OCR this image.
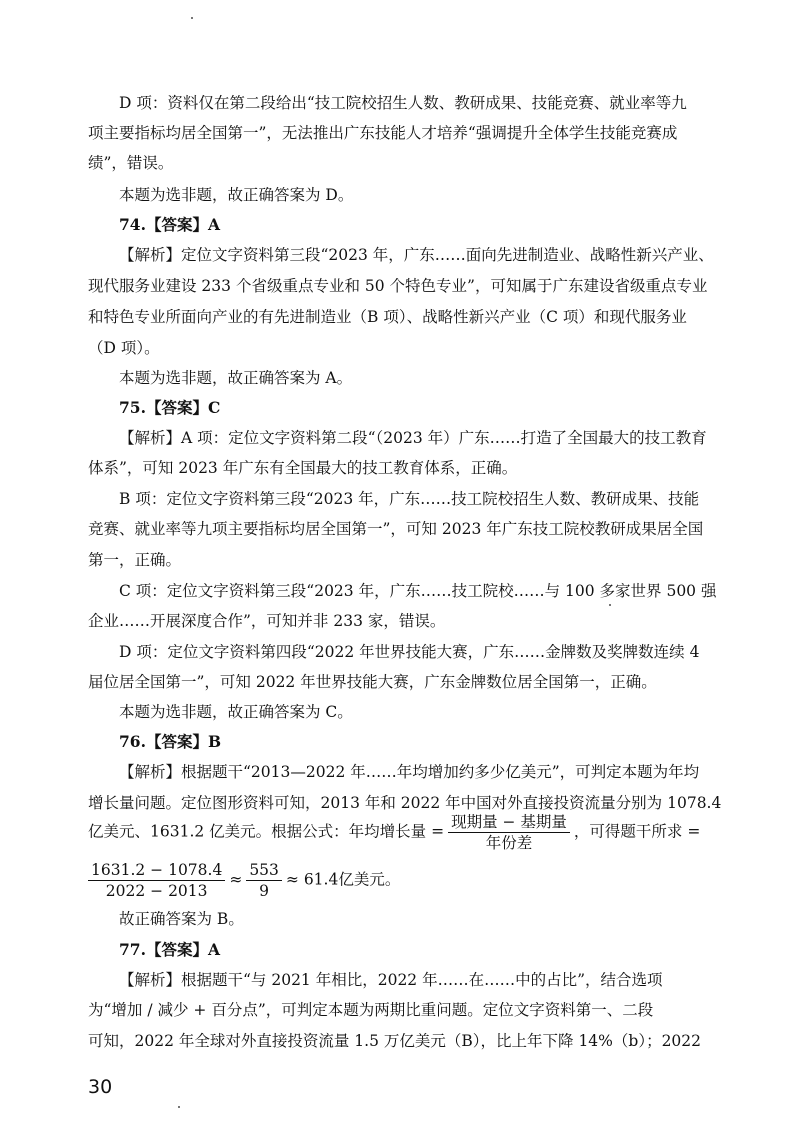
D 项：资料仅在第二段给出“技工院校招生人数、教研成果、技能竞赛、就业率等九
项主要指标均居全国第一”，无法推出广东技能人才培养“强调提升全体学生技能竞赛成
绩”，错误。
本题为选非题，故正确答案为 D。
74.【答案】A
【解析】定位文字资料第三段“2023 年，广东……面向先进制造业、战略性新兴产业、
现代服务业建设 233 个省级重点专业和 50 个特色专业”，可知属于广东建设省级重点专业
和特色专业所面向产业的有先进制造业（B 项）、战略性新兴产业（C 项）和现代服务业
（D 项）。
本题为选非题，故正确答案为 A。
75.【答案】C
【解析】A 项：定位文字资料第二段“（2023 年）广东……打造了全国最大的技工教育
体系”，可知 2023 年广东有全国最大的技工教育体系，正确。
B 项：定位文字资料第三段“2023 年，广东……技工院校招生人数、教研成果、技能
竞赛、就业率等九项主要指标均居全国第一”，可知 2023 年广东技工院校教研成果居全国
第一，正确。
C 项：定位文字资料第三段“2023 年，广东……技工院校……与 100 多家世界 500 强
企业……开展深度合作”，可知并非 233 家，错误。
D 项：定位文字资料第四段“2022 年世界技能大赛，广东……金牌数及奖牌数连续 4
届位居全国第一”，可知 2022 年世界技能大赛，广东金牌数位居全国第一，正确。
本题为选非题，故正确答案为 C。
76.【答案】B
【解析】根据题干“2013—2022 年……年均增加约多少亿美元”，可判定本题为年均
增长量问题。定位图形资料可知，2013 年和 2022 年中国对外直接投资流量分别为 1078.4
亿美元、1631.2 亿美元。根据公式：年均增长量 = $\frac{\text{现期量 − 基期量}}{\text{年份差}}$ ，可得题干所求 =
$\frac{1631.2 - 1078.4}{2022 - 2013} \approx \frac{553}{9} \approx 61.4$亿美元。
故正确答案为 B。
77.【答案】A
【解析】根据题干“与 2021 年相比，2022 年……在……中的占比”，结合选项
为“增加 / 减少 + 百分点”，可判定本题为两期比重问题。定位文字资料第一、二段
可知，2022 年全球对外直接投资流量 1.5 万亿美元（B），比上年下降 14%（b）；2022
30
